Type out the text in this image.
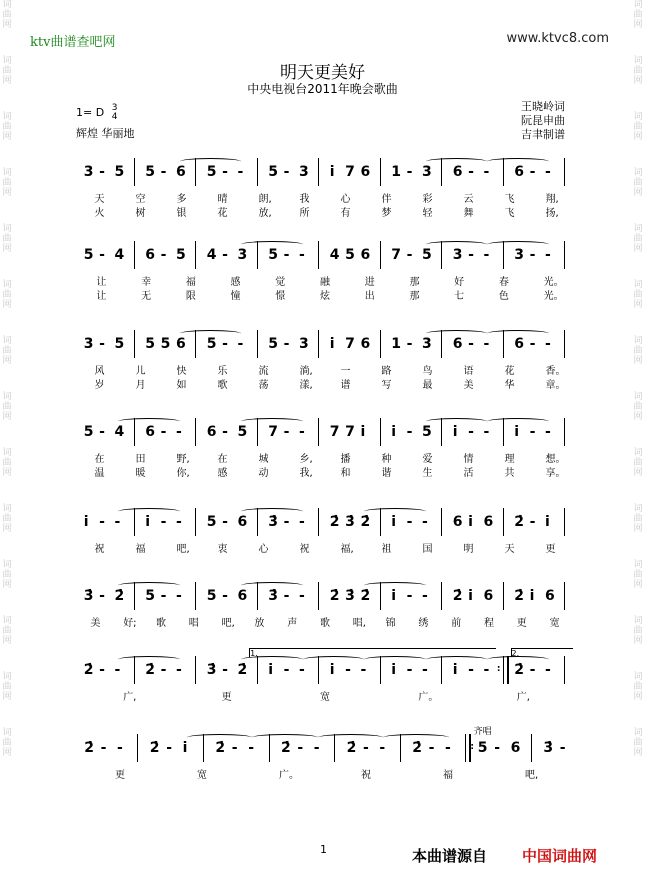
词曲网
词曲网
词曲网
词曲网
词曲网
词曲网
词曲网
词曲网
词曲网
词曲网
词曲网
词曲网
词曲网
词曲网
词曲网
词曲网
词曲网
词曲网
词曲网
词曲网
词曲网
词曲网
词曲网
词曲网
词曲网
词曲网
词曲网
词曲网
ktv曲谱查吧网	www.ktvc8.com
明天更美好
中央电视台2011年晚会歌曲
1= D 3
4
辉煌 华丽地
王晓岭词
阮昆申曲
吉聿制谱
3 - 5 5 - 6 5 - - 5 - 3 i 7 6 1 - 3 6 - - 6 - -
天	空	多	晴	朗,	我	心	伴	彩	云	飞	翔,
火	树	银	花	放,	所	有	梦	轻	舞	飞	扬,
5 - 4 6 - 5 4 - 3 5 - - 4 5 6 7 - 5 3 - - 3 - -
让	幸	福	感	觉	融	进	那	好	春	光。
让	无	限	憧	憬	炫	出	那	七	色	光。
3 - 5 5 5 6 5 - - 5 - 3 i 7 6 1 - 3 6 - - 6 - -
风	儿	快	乐	流	淌,	一	路	鸟	语	花	香。
岁	月	如	歌	荡	漾,	谱	写	最	美	华	章。
5 - 4 6 - - 6 - 5 7 - - 7 7 i i - 5 i - - i - -
在	田	野,	在	城	乡,	播	种	爱	情	理	想。
温	暖	你,	感	动	我,	和	谐	生	活	共	享。
i - - i - - 5 - 6 3̇ - - 2̇ 3̇ 2̇ i - - 6 i 6 2̇ - i
祝	福	吧,	衷	心	祝	福,	祖	国	明	天	更
3̇ - 2̇ 5 - - 5 - 6 3̇ - - 2̇ 3̇ 2̇ i - - 2̇ i 6 2̇ i 6
美 好; 歌 唱 吧, 放 声 歌 唱, 锦 绣 前 程 更 宽
2̇ - - 2̇ - - 3̇ - 2̇ i - - i - - i - - i - - : 2̇ - -
广,	更	宽	广。	广,
1.	2.
2̇ - - 2̇ - i 2̇ - - 2̇ - - 2̇ - - 2̇ - - : 5 - 6 3̇ -
更	宽	广。	祝	福	吧,
齐唱
1	本曲谱源自 中国词曲网
